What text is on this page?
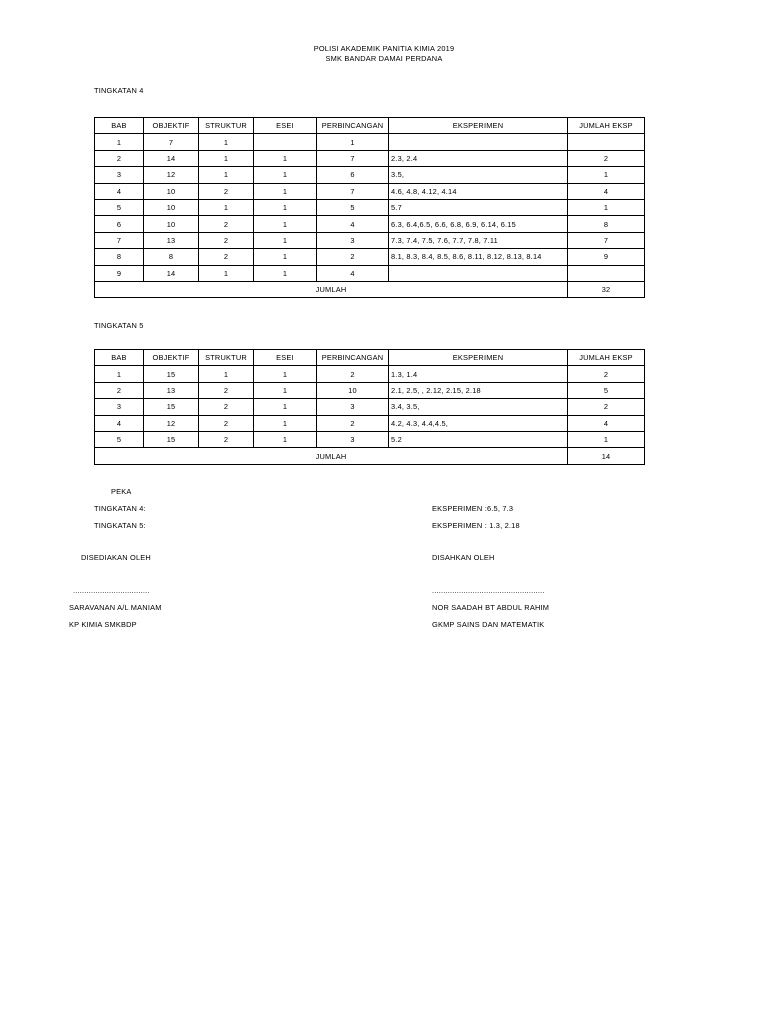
POLISI AKADEMIK PANITIA KIMIA 2019
SMK BANDAR DAMAI PERDANA
TINGKATAN 4
BAB	OBJEKTIF	STRUKTUR	ESEI	PERBINCANGAN	EKSPERIMEN	JUMLAH EKSP
1	7	1		1		
2	14	1	1	7	2.3, 2.4	2
3	12	1	1	6	3.5,	1
4	10	2	1	7	4.6, 4.8, 4.12, 4.14	4
5	10	1	1	5	5.7	1
6	10	2	1	4	6.3, 6.4,6.5, 6.6, 6.8, 6.9, 6.14, 6.15	8
7	13	2	1	3	7.3, 7.4, 7.5, 7.6, 7.7, 7.8, 7.11	7
8	8	2	1	2	8.1, 8.3, 8.4, 8.5, 8.6, 8.11, 8.12, 8.13, 8.14	9
9	14	1	1	4		
JUMLAH						32
TINGKATAN 5
BAB	OBJEKTIF	STRUKTUR	ESEI	PERBINCANGAN	EKSPERIMEN	JUMLAH EKSP
1	15	1	1	2	1.3, 1.4	2
2	13	2	1	10	2.1, 2.5, , 2.12, 2.15, 2.18	5
3	15	2	1	3	3.4, 3.5,	2
4	12	2	1	2	4.2, 4.3, 4.4,4.5,	4
5	15	2	1	3	5.2	1
JUMLAH						14
PEKA
TINGKATAN 4:	EKSPERIMEN :6.5, 7.3
TINGKATAN 5:	EKSPERIMEN : 1.3, 2.18
DISEDIAKAN OLEH	DISAHKAN OLEH
..................................	..................................................
SARAVANAN A/L MANIAM	NOR SAADAH BT ABDUL RAHIM
KP KIMIA SMKBDP	GKMP SAINS DAN MATEMATIK
